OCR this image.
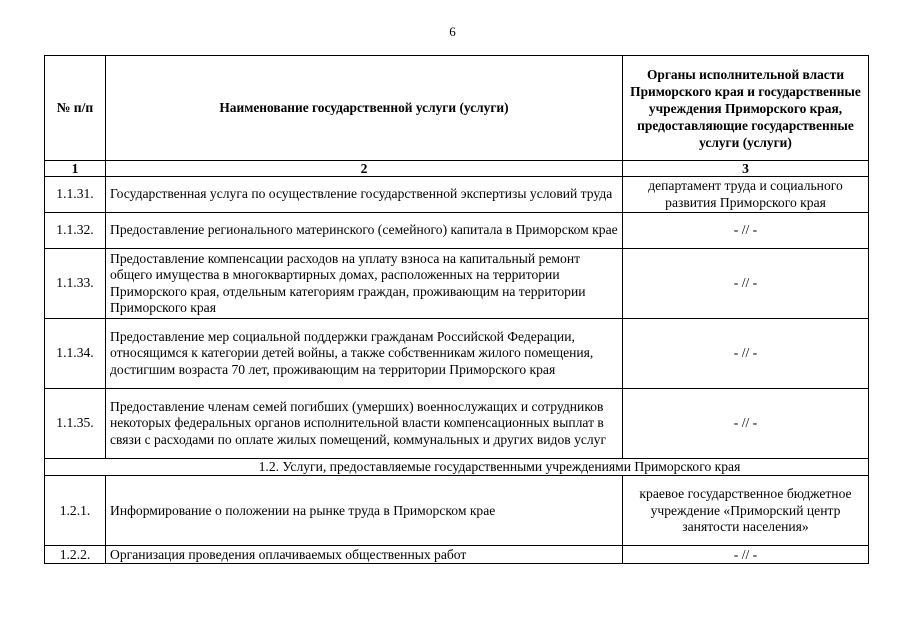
6
№ п/п	Наименование государственной услуги (услуги)	Органы исполнительной власти Приморского края и государственные учреждения Приморского края, предоставляющие государственные услуги (услуги)
1	2	3
1.1.31.	Государственная услуга по осуществление государственной экспертизы условий труда	департамент труда и социального развития Приморского края
1.1.32.	Предоставление регионального материнского (семейного) капитала в Приморском крае	- // -
1.1.33.	Предоставление компенсации расходов на уплату взноса на капитальный ремонт общего имущества в многоквартирных домах, расположенных на территории Приморского края, отдельным категориям граждан, проживающим на территории Приморского края	- // -
1.1.34.	Предоставление мер социальной поддержки гражданам Российской Федерации, относящимся к категории детей войны, а также собственникам жилого помещения, достигшим возраста 70 лет, проживающим на территории Приморского края	- // -
1.1.35.	Предоставление членам семей погибших (умерших) военнослужащих и сотрудников некоторых федеральных органов исполнительной власти компенсационных выплат в связи с расходами по оплате жилых помещений, коммунальных и других видов услуг	- // -
1.2. Услуги, предоставляемые государственными учреждениями Приморского края		
1.2.1.	Информирование о положении на рынке труда в Приморском крае	краевое государственное бюджетное учреждение «Приморский центр занятости населения»
1.2.2.	Организация проведения оплачиваемых общественных работ	- // -
